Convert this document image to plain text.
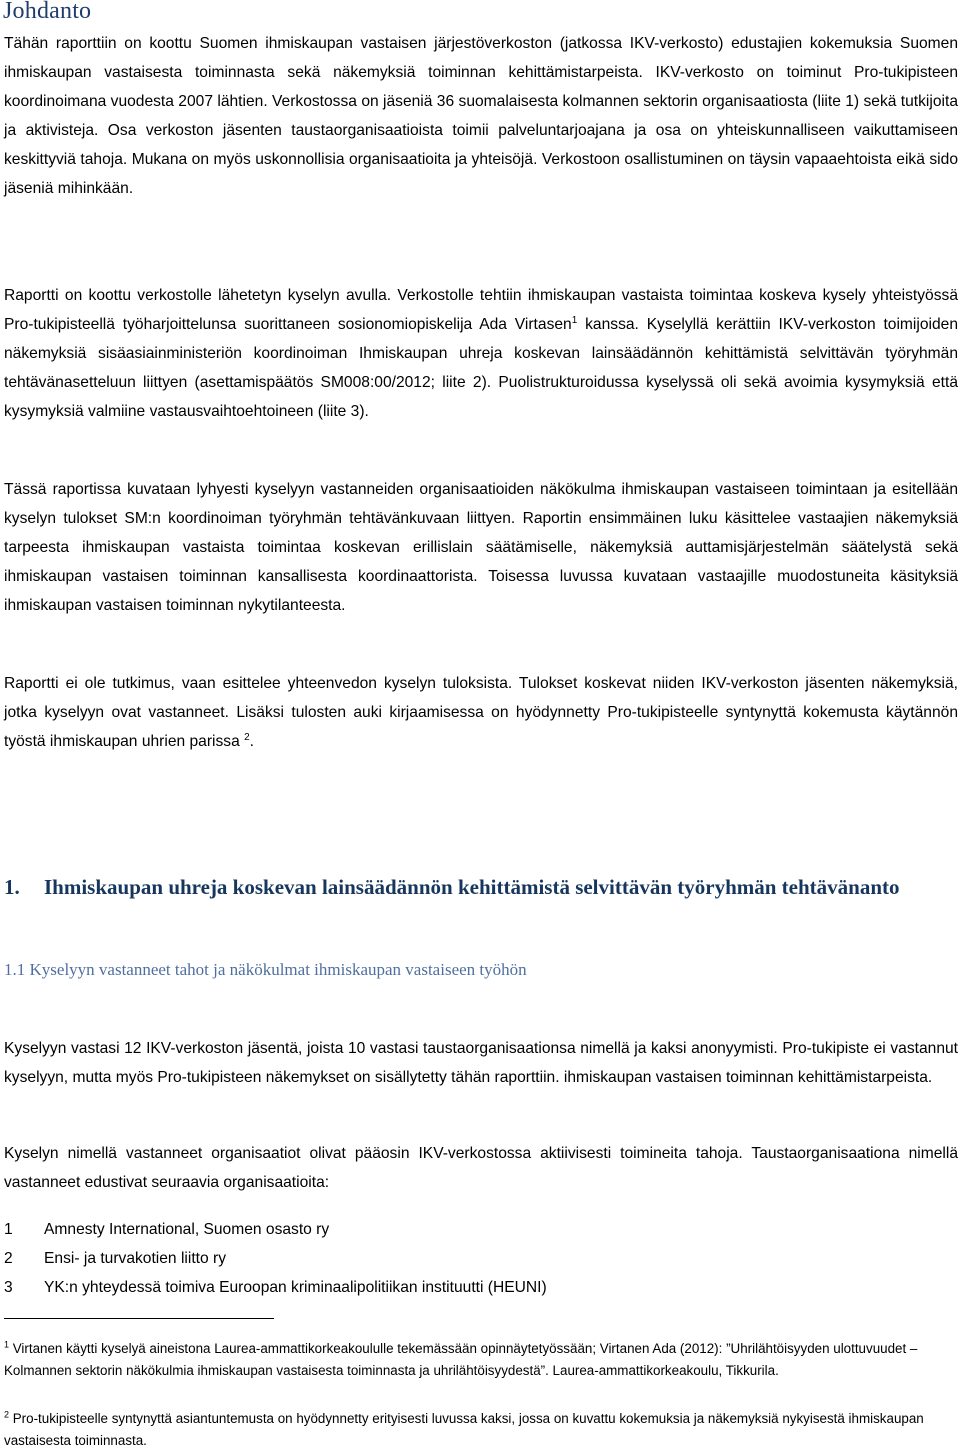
Johdanto

Tähän raporttiin on koottu Suomen ihmiskaupan vastaisen järjestöverkoston (jatkossa IKV-verkosto) edustajien kokemuksia Suomen ihmiskaupan vastaisesta toiminnasta sekä näkemyksiä toiminnan kehittämistarpeista. IKV-verkosto on toiminut Pro-tukipisteen koordinoimana vuodesta 2007 lähtien. Verkostossa on jäseniä 36 suomalaisesta kolmannen sektorin organisaatiosta (liite 1) sekä tutkijoita ja aktivisteja. Osa verkoston jäsenten taustaorganisaatioista toimii palveluntarjoajana ja osa on yhteiskunnalliseen vaikuttamiseen keskittyviä tahoja. Mukana on myös uskonnollisia organisaatioita ja yhteisöjä. Verkostoon osallistuminen on täysin vapaaehtoista eikä sido jäseniä mihinkään.

Raportti on koottu verkostolle lähetetyn kyselyn avulla. Verkostolle tehtiin ihmiskaupan vastaista toimintaa koskeva kysely yhteistyössä Pro-tukipisteellä työharjoittelunsa suorittaneen sosionomiopiskelija Ada Virtasen$^1$ kanssa. Kyselyllä kerättiin IKV-verkoston toimijoiden näkemyksiä sisäasiainministeriön koordinoiman Ihmiskaupan uhreja koskevan lainsäädännön kehittämistä selvittävän työryhmän tehtävänasetteluun liittyen (asettamispäätös SM008:00/2012; liite 2). Puolistrukturoidussa kyselyssä oli sekä avoimia kysymyksiä että kysymyksiä valmiine vastausvaihtoehtoineen (liite 3).

Tässä raportissa kuvataan lyhyesti kyselyyn vastanneiden organisaatioiden näkökulma ihmiskaupan vastaiseen toimintaan ja esitellään kyselyn tulokset SM:n koordinoiman työryhmän tehtävänkuvaan liittyen. Raportin ensimmäinen luku käsittelee vastaajien näkemyksiä tarpeesta ihmiskaupan vastaista toimintaa koskevan erillislain säätämiselle, näkemyksiä auttamisjärjestelmän säätelystä sekä ihmiskaupan vastaisen toiminnan kansallisesta koordinaattorista. Toisessa luvussa kuvataan vastaajille muodostuneita käsityksiä ihmiskaupan vastaisen toiminnan nykytilanteesta.

Raportti ei ole tutkimus, vaan esittelee yhteenvedon kyselyn tuloksista. Tulokset koskevat niiden IKV-verkoston jäsenten näkemyksiä, jotka kyselyyn ovat vastanneet. Lisäksi tulosten auki kirjaamisessa on hyödynnetty Pro-tukipisteelle syntynyttä kokemusta käytännön työstä ihmiskaupan uhrien parissa $^2$.

1. Ihmiskaupan uhreja koskevan lainsäädännön kehittämistä selvittävän työryhmän tehtävänanto
1.1 Kyselyyn vastanneet tahot ja näkökulmat ihmiskaupan vastaiseen työhön

Kyselyyn vastasi 12 IKV-verkoston jäsentä, joista 10 vastasi taustaorganisaationsa nimellä ja kaksi anonyymisti. Pro-tukipiste ei vastannut kyselyyn, mutta myös Pro-tukipisteen näkemykset on sisällytetty tähän raporttiin. ihmiskaupan vastaisen toiminnan kehittämistarpeista.

Kyselyn nimellä vastanneet organisaatiot olivat pääosin IKV-verkostossa aktiivisesti toimineita tahoja. Taustaorganisaationa nimellä vastanneet edustivat seuraavia organisaatioita:

1 Amnesty International, Suomen osasto ry
2 Ensi- ja turvakotien liitto ry
3 YK:n yhteydessä toimiva Euroopan kriminaalipolitiikan instituutti (HEUNI)

$^1$ Virtanen käytti kyselyä aineistona Laurea-ammattikorkeakoululle tekemässään opinnäytetyössään; Virtanen Ada (2012): ”Uhrilähtöisyyden ulottuvuudet – Kolmannen sektorin näkökulmia ihmiskaupan vastaisesta toiminnasta ja uhrilähtöisyydestä”. Laurea-ammattikorkeakoulu, Tikkurila.

$^2$ Pro-tukipisteelle syntynyttä asiantuntemusta on hyödynnetty erityisesti luvussa kaksi, jossa on kuvattu kokemuksia ja näkemyksiä nykyisestä ihmiskaupan vastaisesta toiminnasta.
